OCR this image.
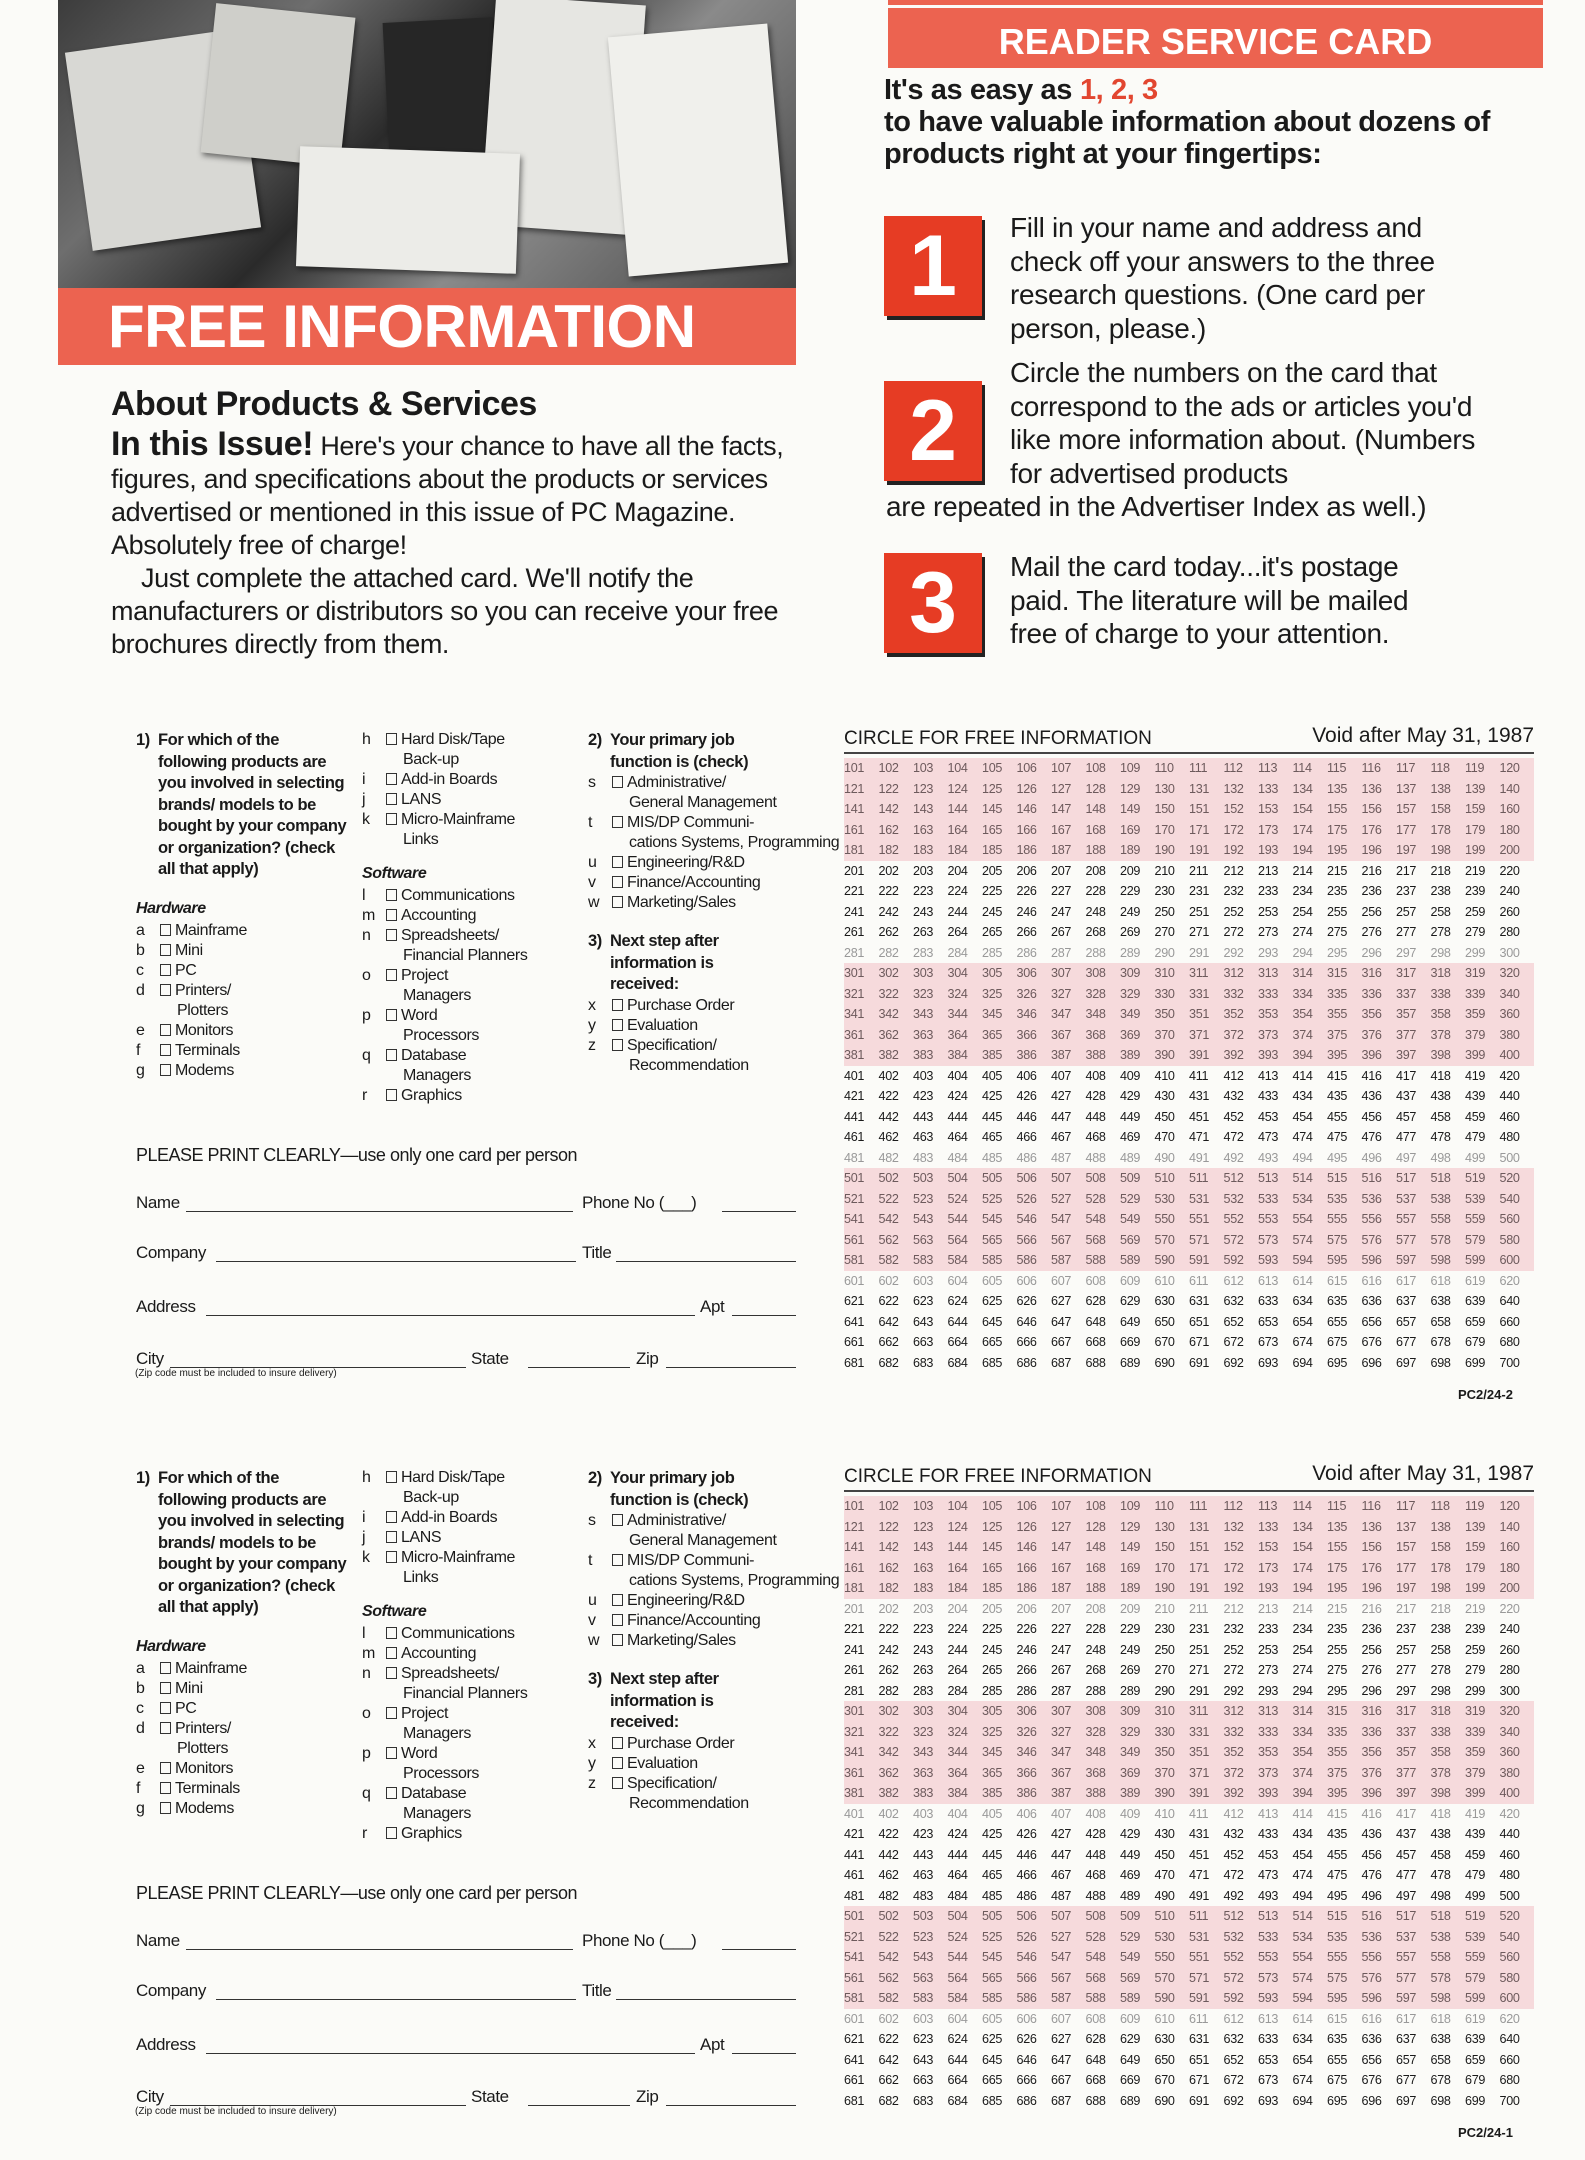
FREE INFORMATION
About Products & Services

In this Issue! Here's your chance to have all the facts, figures, and specifications about the products or services advertised or mentioned in this issue of PC Magazine. Absolutely free of charge!

Just complete the attached card. We'll notify the manufacturers or distributors so you can receive your free brochures directly from them.

READER SERVICE CARD
It's as easy as 1, 2, 3
to have valuable information about dozens of products right at your fingertips:
1	Fill in your name and address and check off your answers to the three research questions. (One card per person, please.)
2
Circle the numbers on the card that correspond to the ads or articles you'd like more information about. (Numbers for advertised products
are repeated in the Advertiser Index as well.)
3	Mail the card today...it's postage paid. The literature will be mailed free of charge to your attention.
1) For which of the following products are you involved in selecting brands/ models to be bought by your company or organization? (check all that apply)
Hardware
a Mainframe
b Mini
c PC
d Printers/
Plotters
e Monitors
f Terminals
g Modems
h Hard Disk/Tape
Back-up
i Add-in Boards
j LANS
k Micro-Mainframe
Links
Software
l Communications
m Accounting
n Spreadsheets/
Financial Planners
o Project
Managers
p Word
Processors
q Database
Managers
r Graphics
2) Your primary job function is (check)
s Administrative/
General Management
t MIS/DP Communi-
cations Systems, Programming
u Engineering/R&D
v Finance/Accounting
w Marketing/Sales
3) Next step after information is received:
x Purchase Order
y Evaluation
z Specification/
Recommendation
PLEASE PRINT CLEARLY—use only one card per person
Name	Phone No (___)
Company	Title
Address	Apt
City	State	Zip
(Zip code must be included to insure delivery)
CIRCLE FOR FREE INFORMATION	Void after May 31, 1987
101 102 103 104 105 106 107 108 109 110 111 112 113 114 115 116 117 118 119 120
121 122 123 124 125 126 127 128 129 130 131 132 133 134 135 136 137 138 139 140
141 142 143 144 145 146 147 148 149 150 151 152 153 154 155 156 157 158 159 160
161 162 163 164 165 166 167 168 169 170 171 172 173 174 175 176 177 178 179 180
181 182 183 184 185 186 187 188 189 190 191 192 193 194 195 196 197 198 199 200
201 202 203 204 205 206 207 208 209 210 211 212 213 214 215 216 217 218 219 220
221 222 223 224 225 226 227 228 229 230 231 232 233 234 235 236 237 238 239 240
241 242 243 244 245 246 247 248 249 250 251 252 253 254 255 256 257 258 259 260
261 262 263 264 265 266 267 268 269 270 271 272 273 274 275 276 277 278 279 280
281 282 283 284 285 286 287 288 289 290 291 292 293 294 295 296 297 298 299 300
301 302 303 304 305 306 307 308 309 310 311 312 313 314 315 316 317 318 319 320
321 322 323 324 325 326 327 328 329 330 331 332 333 334 335 336 337 338 339 340
341 342 343 344 345 346 347 348 349 350 351 352 353 354 355 356 357 358 359 360
361 362 363 364 365 366 367 368 369 370 371 372 373 374 375 376 377 378 379 380
381 382 383 384 385 386 387 388 389 390 391 392 393 394 395 396 397 398 399 400
401 402 403 404 405 406 407 408 409 410 411 412 413 414 415 416 417 418 419 420
421 422 423 424 425 426 427 428 429 430 431 432 433 434 435 436 437 438 439 440
441 442 443 444 445 446 447 448 449 450 451 452 453 454 455 456 457 458 459 460
461 462 463 464 465 466 467 468 469 470 471 472 473 474 475 476 477 478 479 480
481 482 483 484 485 486 487 488 489 490 491 492 493 494 495 496 497 498 499 500
501 502 503 504 505 506 507 508 509 510 511 512 513 514 515 516 517 518 519 520
521 522 523 524 525 526 527 528 529 530 531 532 533 534 535 536 537 538 539 540
541 542 543 544 545 546 547 548 549 550 551 552 553 554 555 556 557 558 559 560
561 562 563 564 565 566 567 568 569 570 571 572 573 574 575 576 577 578 579 580
581 582 583 584 585 586 587 588 589 590 591 592 593 594 595 596 597 598 599 600
601 602 603 604 605 606 607 608 609 610 611 612 613 614 615 616 617 618 619 620
621 622 623 624 625 626 627 628 629 630 631 632 633 634 635 636 637 638 639 640
641 642 643 644 645 646 647 648 649 650 651 652 653 654 655 656 657 658 659 660
661 662 663 664 665 666 667 668 669 670 671 672 673 674 675 676 677 678 679 680
681 682 683 684 685 686 687 688 689 690 691 692 693 694 695 696 697 698 699 700
PC2/24-2
1) For which of the following products are you involved in selecting brands/ models to be bought by your company or organization? (check all that apply)
Hardware
a Mainframe
b Mini
c PC
d Printers/
Plotters
e Monitors
f Terminals
g Modems
h Hard Disk/Tape
Back-up
i Add-in Boards
j LANS
k Micro-Mainframe
Links
Software
l Communications
m Accounting
n Spreadsheets/
Financial Planners
o Project
Managers
p Word
Processors
q Database
Managers
r Graphics
2) Your primary job function is (check)
s Administrative/
General Management
t MIS/DP Communi-
cations Systems, Programming
u Engineering/R&D
v Finance/Accounting
w Marketing/Sales
3) Next step after information is received:
x Purchase Order
y Evaluation
z Specification/
Recommendation
PLEASE PRINT CLEARLY—use only one card per person
Name	Phone No (___)
Company	Title
Address	Apt
City	State	Zip
(Zip code must be included to insure delivery)
CIRCLE FOR FREE INFORMATION	Void after May 31, 1987
101 102 103 104 105 106 107 108 109 110 111 112 113 114 115 116 117 118 119 120
121 122 123 124 125 126 127 128 129 130 131 132 133 134 135 136 137 138 139 140
141 142 143 144 145 146 147 148 149 150 151 152 153 154 155 156 157 158 159 160
161 162 163 164 165 166 167 168 169 170 171 172 173 174 175 176 177 178 179 180
181 182 183 184 185 186 187 188 189 190 191 192 193 194 195 196 197 198 199 200
201 202 203 204 205 206 207 208 209 210 211 212 213 214 215 216 217 218 219 220
221 222 223 224 225 226 227 228 229 230 231 232 233 234 235 236 237 238 239 240
241 242 243 244 245 246 247 248 249 250 251 252 253 254 255 256 257 258 259 260
261 262 263 264 265 266 267 268 269 270 271 272 273 274 275 276 277 278 279 280
281 282 283 284 285 286 287 288 289 290 291 292 293 294 295 296 297 298 299 300
301 302 303 304 305 306 307 308 309 310 311 312 313 314 315 316 317 318 319 320
321 322 323 324 325 326 327 328 329 330 331 332 333 334 335 336 337 338 339 340
341 342 343 344 345 346 347 348 349 350 351 352 353 354 355 356 357 358 359 360
361 362 363 364 365 366 367 368 369 370 371 372 373 374 375 376 377 378 379 380
381 382 383 384 385 386 387 388 389 390 391 392 393 394 395 396 397 398 399 400
401 402 403 404 405 406 407 408 409 410 411 412 413 414 415 416 417 418 419 420
421 422 423 424 425 426 427 428 429 430 431 432 433 434 435 436 437 438 439 440
441 442 443 444 445 446 447 448 449 450 451 452 453 454 455 456 457 458 459 460
461 462 463 464 465 466 467 468 469 470 471 472 473 474 475 476 477 478 479 480
481 482 483 484 485 486 487 488 489 490 491 492 493 494 495 496 497 498 499 500
501 502 503 504 505 506 507 508 509 510 511 512 513 514 515 516 517 518 519 520
521 522 523 524 525 526 527 528 529 530 531 532 533 534 535 536 537 538 539 540
541 542 543 544 545 546 547 548 549 550 551 552 553 554 555 556 557 558 559 560
561 562 563 564 565 566 567 568 569 570 571 572 573 574 575 576 577 578 579 580
581 582 583 584 585 586 587 588 589 590 591 592 593 594 595 596 597 598 599 600
601 602 603 604 605 606 607 608 609 610 611 612 613 614 615 616 617 618 619 620
621 622 623 624 625 626 627 628 629 630 631 632 633 634 635 636 637 638 639 640
641 642 643 644 645 646 647 648 649 650 651 652 653 654 655 656 657 658 659 660
661 662 663 664 665 666 667 668 669 670 671 672 673 674 675 676 677 678 679 680
681 682 683 684 685 686 687 688 689 690 691 692 693 694 695 696 697 698 699 700
PC2/24-1
